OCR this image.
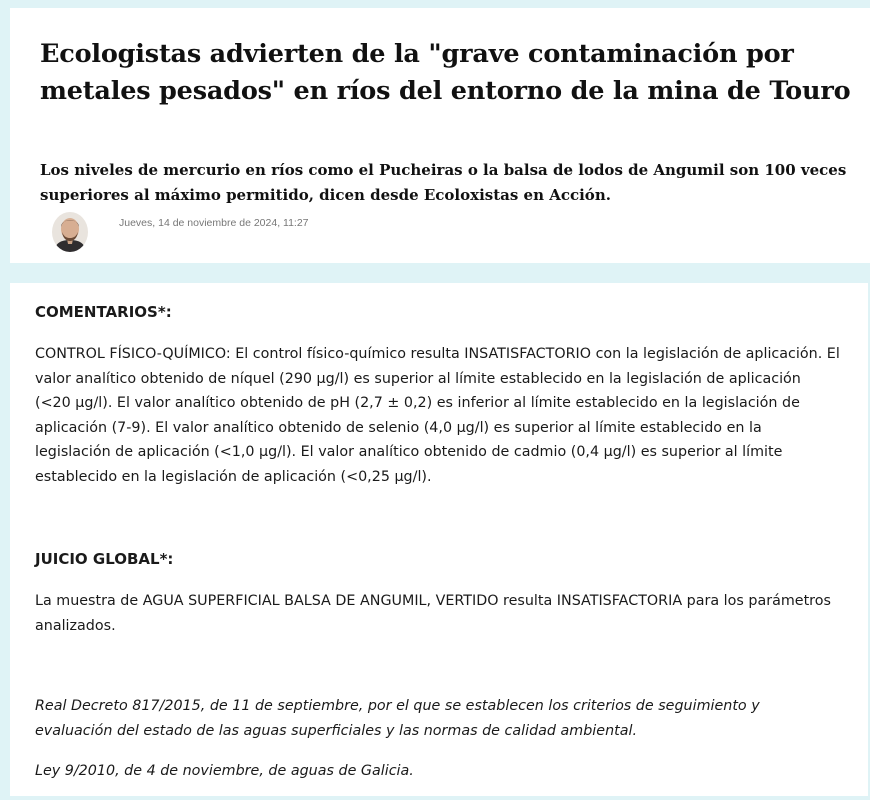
Ecologistas advierten de la "grave contaminación por metales pesados" en ríos del entorno de la mina de Touro

Los niveles de mercurio en ríos como el Pucheiras o la balsa de lodos de Angumil son 100 veces superiores al máximo permitido, dicen desde Ecoloxistas en Acción.

Jueves, 14 de noviembre de 2024, 11:27

COMENTARIOS*:

CONTROL FÍSICO-QUÍMICO: El control físico-químico resulta INSATISFACTORIO con la legislación de aplicación. El valor analítico obtenido de níquel (290 µg/l) es superior al límite establecido en la legislación de aplicación (<20 µg/l). El valor analítico obtenido de pH (2,7 ± 0,2) es inferior al límite establecido en la legislación de aplicación (7-9). El valor analítico obtenido de selenio (4,0 µg/l) es superior al límite establecido en la legislación de aplicación (<1,0 µg/l). El valor analítico obtenido de cadmio (0,4 µg/l) es superior al límite establecido en la legislación de aplicación (<0,25 µg/l).

JUICIO GLOBAL*:

La muestra de AGUA SUPERFICIAL BALSA DE ANGUMIL, VERTIDO resulta INSATISFACTORIA para los parámetros analizados.

Real Decreto 817/2015, de 11 de septiembre, por el que se establecen los criterios de seguimiento y evaluación del estado de las aguas superficiales y las normas de calidad ambiental.

Ley 9/2010, de 4 de noviembre, de aguas de Galicia.
